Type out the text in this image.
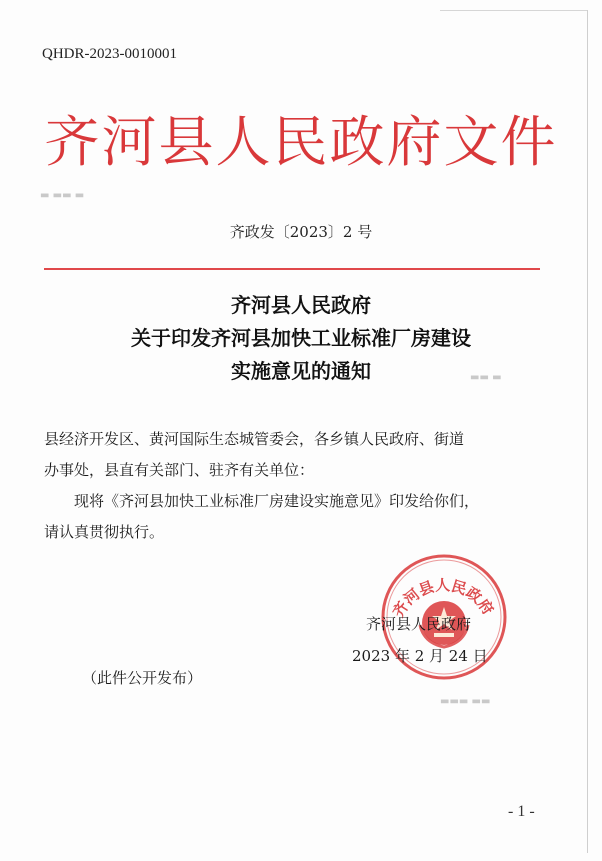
▬ ▬▬ ▬
▬▬ ▬
▬▬▬ ▬▬
QHDR-2023-0010001
齐河县人民政府文件
齐政发〔2023〕2 号
齐河县人民政府
关于印发齐河县加快工业标准厂房建设
实施意见的通知

县经济开发区、黄河国际生态城管委会，各乡镇人民政府、街道

办事处，县直有关部门、驻齐有关单位：

现将《齐河县加快工业标准厂房建设实施意见》印发给你们，

请认真贯彻执行。

齐河县人民政府
齐河县人民政府
2023 年 2 月 24 日
（此件公开发布）
- 1 -
